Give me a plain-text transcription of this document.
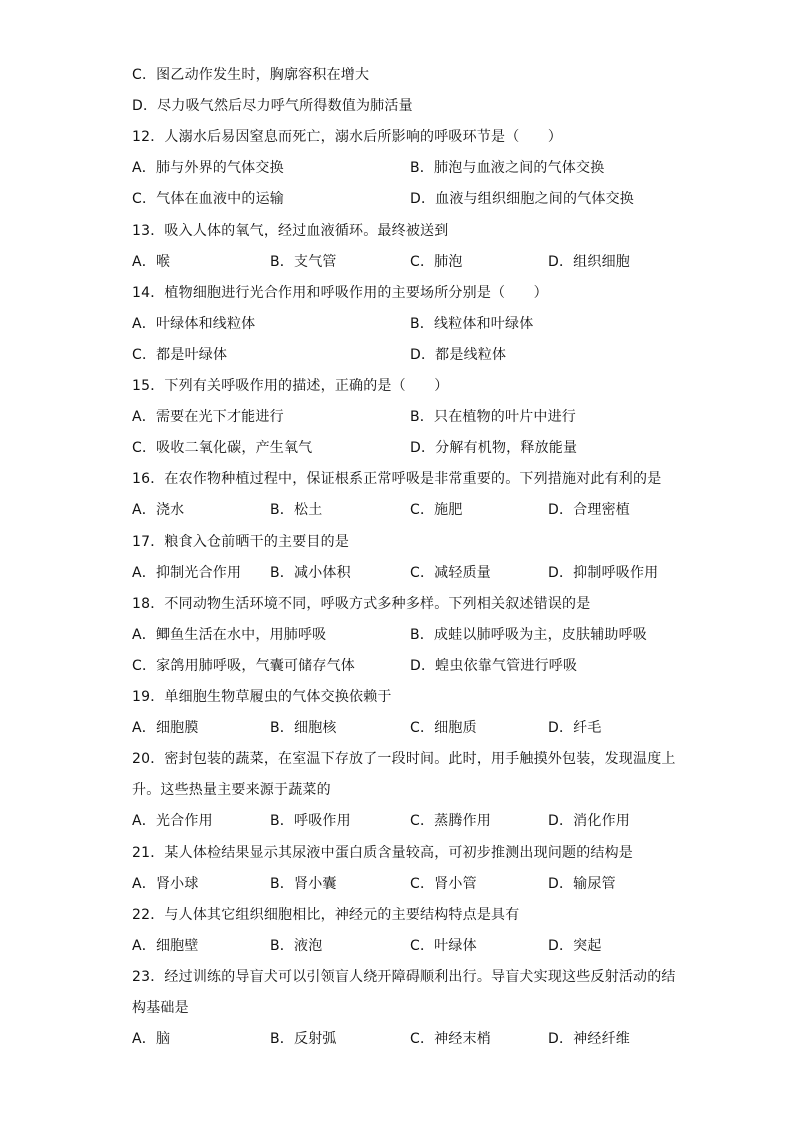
C．图乙动作发生时，胸廓容积在增大
D．尽力吸气然后尽力呼气所得数值为肺活量
12．人溺水后易因窒息而死亡，溺水后所影响的呼吸环节是（　　）
A．肺与外界的气体交换	B．肺泡与血液之间的气体交换
C．气体在血液中的运输	D．血液与组织细胞之间的气体交换
13．吸入人体的氧气，经过血液循环。最终被送到
A．喉	B．支气管	C．肺泡	D．组织细胞
14．植物细胞进行光合作用和呼吸作用的主要场所分别是（　　）
A．叶绿体和线粒体	B．线粒体和叶绿体
C．都是叶绿体	D．都是线粒体
15．下列有关呼吸作用的描述，正确的是（　　）
A．需要在光下才能进行	B．只在植物的叶片中进行
C．吸收二氧化碳，产生氧气	D．分解有机物，释放能量
16．在农作物种植过程中，保证根系正常呼吸是非常重要的。下列措施对此有利的是
A．浇水	B．松土	C．施肥	D．合理密植
17．粮食入仓前晒干的主要目的是
A．抑制光合作用 B．减小体积	C．减轻质量	D．抑制呼吸作用
18．不同动物生活环境不同，呼吸方式多种多样。下列相关叙述错误的是
A．鲫鱼生活在水中，用肺呼吸	B．成蛙以肺呼吸为主，皮肤辅助呼吸
C．家鸽用肺呼吸，气囊可储存气体	D．蝗虫依靠气管进行呼吸
19．单细胞生物草履虫的气体交换依赖于
A．细胞膜	B．细胞核	C．细胞质	D．纤毛
20．密封包装的蔬菜，在室温下存放了一段时间。此时，用手触摸外包装，发现温度上
升。这些热量主要来源于蔬菜的
A．光合作用	B．呼吸作用	C．蒸腾作用	D．消化作用
21．某人体检结果显示其尿液中蛋白质含量较高，可初步推测出现问题的结构是
A．肾小球	B．肾小囊	C．肾小管	D．输尿管
22．与人体其它组织细胞相比，神经元的主要结构特点是具有
A．细胞壁	B．液泡	C．叶绿体	D．突起
23．经过训练的导盲犬可以引领盲人绕开障碍顺利出行。导盲犬实现这些反射活动的结
构基础是
A．脑	B．反射弧	C．神经末梢	D．神经纤维
